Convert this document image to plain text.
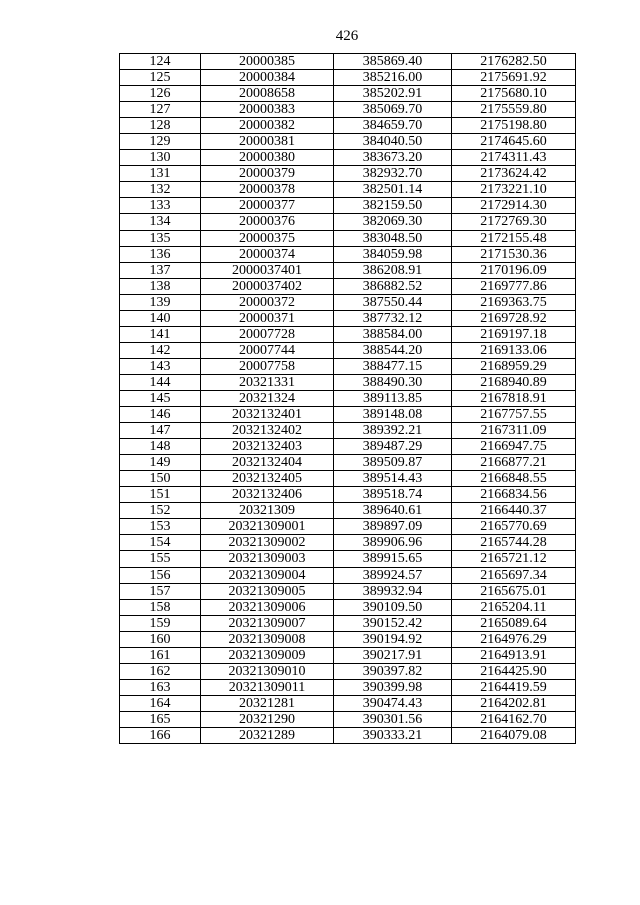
426
124	20000385	385869.40	2176282.50
125	20000384	385216.00	2175691.92
126	20008658	385202.91	2175680.10
127	20000383	385069.70	2175559.80
128	20000382	384659.70	2175198.80
129	20000381	384040.50	2174645.60
130	20000380	383673.20	2174311.43
131	20000379	382932.70	2173624.42
132	20000378	382501.14	2173221.10
133	20000377	382159.50	2172914.30
134	20000376	382069.30	2172769.30
135	20000375	383048.50	2172155.48
136	20000374	384059.98	2171530.36
137	2000037401	386208.91	2170196.09
138	2000037402	386882.52	2169777.86
139	20000372	387550.44	2169363.75
140	20000371	387732.12	2169728.92
141	20007728	388584.00	2169197.18
142	20007744	388544.20	2169133.06
143	20007758	388477.15	2168959.29
144	20321331	388490.30	2168940.89
145	20321324	389113.85	2167818.91
146	2032132401	389148.08	2167757.55
147	2032132402	389392.21	2167311.09
148	2032132403	389487.29	2166947.75
149	2032132404	389509.87	2166877.21
150	2032132405	389514.43	2166848.55
151	2032132406	389518.74	2166834.56
152	20321309	389640.61	2166440.37
153	20321309001	389897.09	2165770.69
154	20321309002	389906.96	2165744.28
155	20321309003	389915.65	2165721.12
156	20321309004	389924.57	2165697.34
157	20321309005	389932.94	2165675.01
158	20321309006	390109.50	2165204.11
159	20321309007	390152.42	2165089.64
160	20321309008	390194.92	2164976.29
161	20321309009	390217.91	2164913.91
162	20321309010	390397.82	2164425.90
163	20321309011	390399.98	2164419.59
164	20321281	390474.43	2164202.81
165	20321290	390301.56	2164162.70
166	20321289	390333.21	2164079.08
